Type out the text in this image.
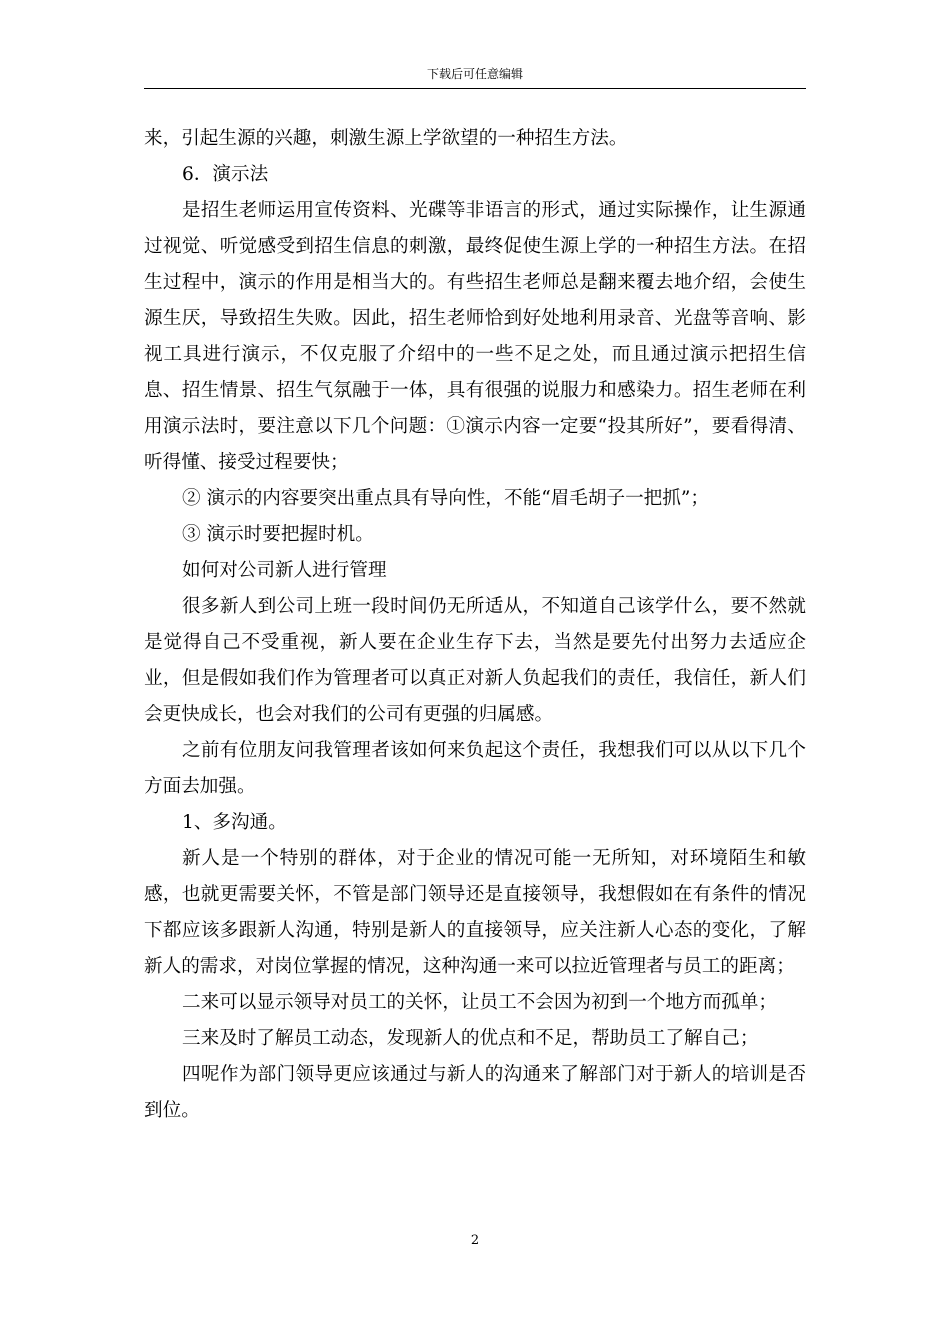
下载后可任意编辑

来，引起生源的兴趣，刺激生源上学欲望的一种招生方法。

6．演示法

是招生老师运用宣传资料、光碟等非语言的形式，通过实际操作，让生源通过视觉、听觉感受到招生信息的刺激，最终促使生源上学的一种招生方法。在招生过程中，演示的作用是相当大的。有些招生老师总是翻来覆去地介绍，会使生源生厌，导致招生失败。因此，招生老师恰到好处地利用录音、光盘等音响、影视工具进行演示，不仅克服了介绍中的一些不足之处，而且通过演示把招生信息、招生情景、招生气氛融于一体，具有很强的说服力和感染力。招生老师在利用演示法时，要注意以下几个问题：①演示内容一定要“投其所好”，要看得清、听得懂、接受过程要快；

② 演示的内容要突出重点具有导向性，不能“眉毛胡子一把抓”；

③ 演示时要把握时机。

如何对公司新人进行管理

很多新人到公司上班一段时间仍无所适从，不知道自己该学什么，要不然就是觉得自己不受重视，新人要在企业生存下去，当然是要先付出努力去适应企业，但是假如我们作为管理者可以真正对新人负起我们的责任，我信任，新人们会更快成长，也会对我们的公司有更强的归属感。

之前有位朋友问我管理者该如何来负起这个责任，我想我们可以从以下几个方面去加强。

1、多沟通。

新人是一个特别的群体，对于企业的情况可能一无所知，对环境陌生和敏感，也就更需要关怀，不管是部门领导还是直接领导，我想假如在有条件的情况下都应该多跟新人沟通，特别是新人的直接领导，应关注新人心态的变化，了解新人的需求，对岗位掌握的情况，这种沟通一来可以拉近管理者与员工的距离；

二来可以显示领导对员工的关怀，让员工不会因为初到一个地方而孤单；

三来及时了解员工动态，发现新人的优点和不足，帮助员工了解自己；

四呢作为部门领导更应该通过与新人的沟通来了解部门对于新人的培训是否到位。

2
